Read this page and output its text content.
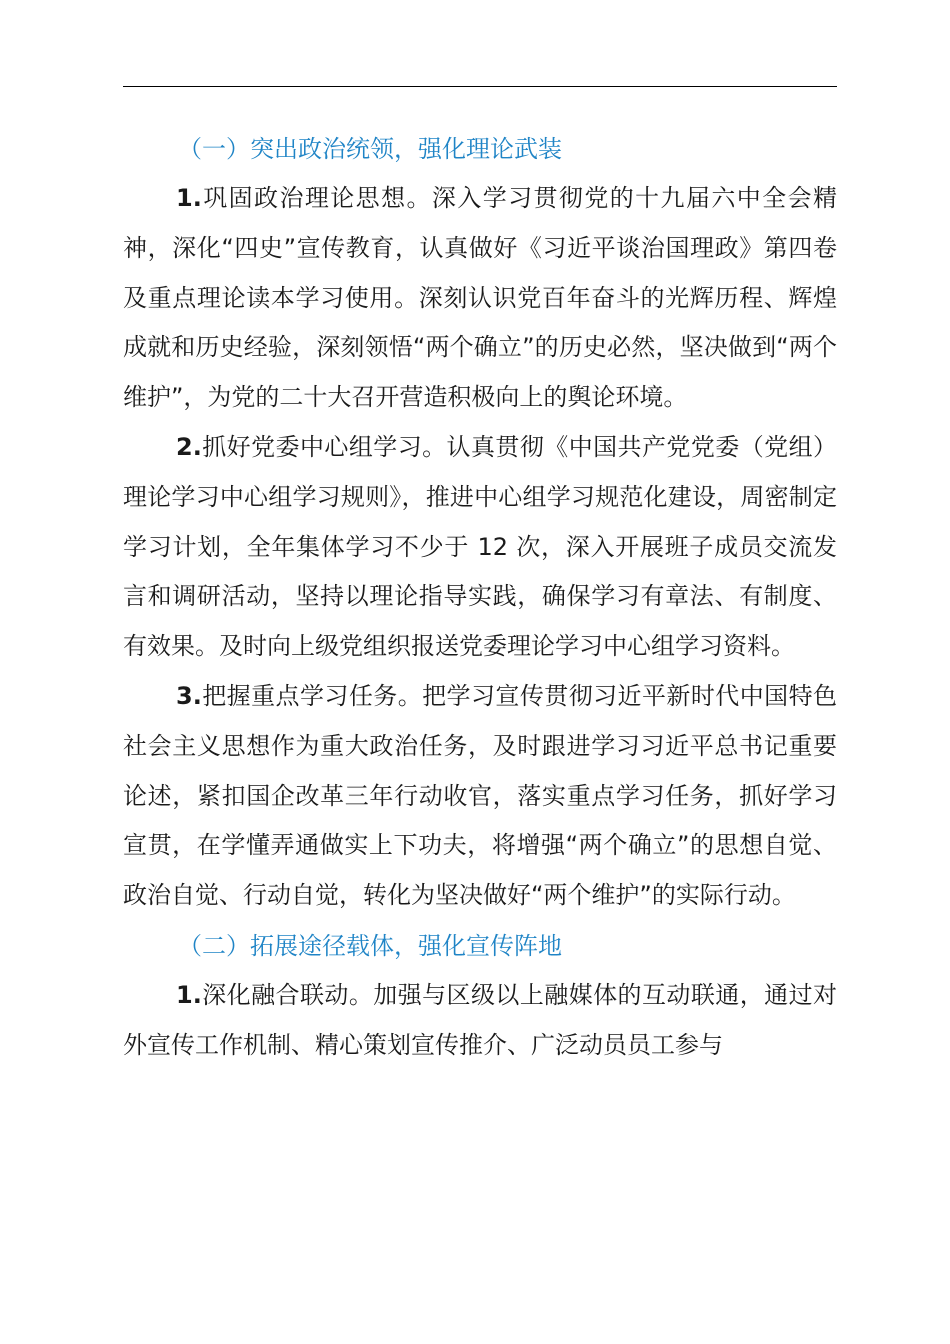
（一）突出政治统领，强化理论武装

1.巩固政治理论思想。深入学习贯彻党的十九届六中全会精神，深化“四史”宣传教育，认真做好《习近平谈治国理政》第四卷及重点理论读本学习使用。深刻认识党百年奋斗的光辉历程、辉煌成就和历史经验，深刻领悟“两个确立”的历史必然，坚决做到“两个维护”，为党的二十大召开营造积极向上的舆论环境。

2.抓好党委中心组学习。认真贯彻《中国共产党党委（党组）理论学习中心组学习规则》，推进中心组学习规范化建设，周密制定学习计划，全年集体学习不少于 12 次，深入开展班子成员交流发言和调研活动，坚持以理论指导实践，确保学习有章法、有制度、有效果。及时向上级党组织报送党委理论学习中心组学习资料。

3.把握重点学习任务。把学习宣传贯彻习近平新时代中国特色社会主义思想作为重大政治任务，及时跟进学习习近平总书记重要论述，紧扣国企改革三年行动收官，落实重点学习任务，抓好学习宣贯，在学懂弄通做实上下功夫，将增强“两个确立”的思想自觉、政治自觉、行动自觉，转化为坚决做好“两个维护”的实际行动。

（二）拓展途径载体，强化宣传阵地

1.深化融合联动。加强与区级以上融媒体的互动联通，通过对外宣传工作机制、精心策划宣传推介、广泛动员员工参与
